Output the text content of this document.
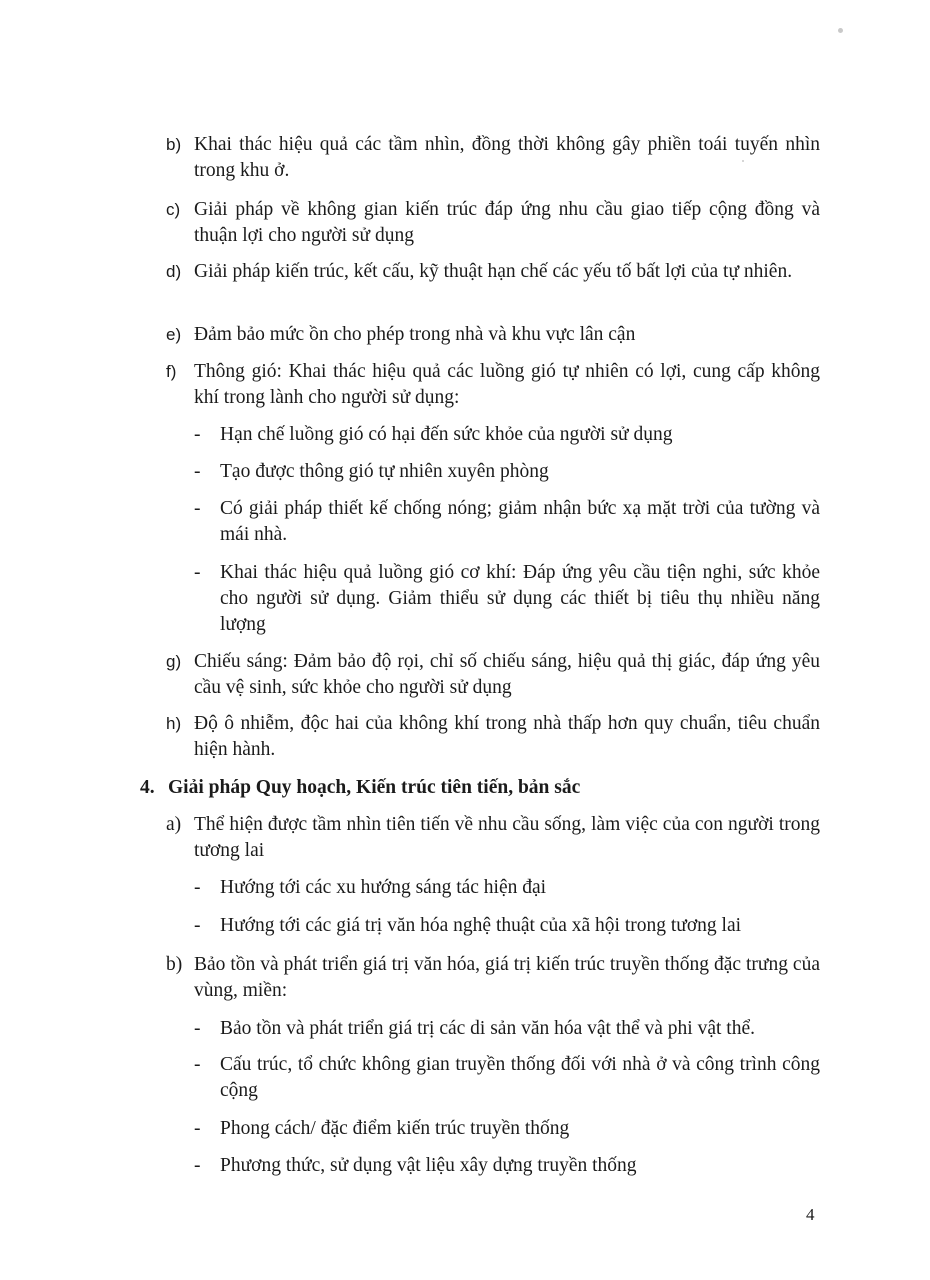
b) Khai thác hiệu quả các tầm nhìn, đồng thời không gây phiền toái tuyến nhìn trong khu ở.
c) Giải pháp về không gian kiến trúc đáp ứng nhu cầu giao tiếp cộng đồng và thuận lợi cho người sử dụng
d) Giải pháp kiến trúc, kết cấu, kỹ thuật hạn chế các yếu tố bất lợi của tự nhiên.
e) Đảm bảo mức ồn cho phép trong nhà và khu vực lân cận
f) Thông gió: Khai thác hiệu quả các luồng gió tự nhiên có lợi, cung cấp không khí trong lành cho người sử dụng:
- Hạn chế luồng gió có hại đến sức khỏe của người sử dụng
- Tạo được thông gió tự nhiên xuyên phòng
- Có giải pháp thiết kế chống nóng; giảm nhận bức xạ mặt trời của tường và mái nhà.
- Khai thác hiệu quả luồng gió cơ khí: Đáp ứng yêu cầu tiện nghi, sức khỏe cho người sử dụng. Giảm thiểu sử dụng các thiết bị tiêu thụ nhiều năng lượng
g) Chiếu sáng: Đảm bảo độ rọi, chỉ số chiếu sáng, hiệu quả thị giác, đáp ứng yêu cầu vệ sinh, sức khỏe cho người sử dụng
h) Độ ô nhiễm, độc hai của không khí trong nhà thấp hơn quy chuẩn, tiêu chuẩn hiện hành.
4. Giải pháp Quy hoạch, Kiến trúc tiên tiến, bản sắc
a) Thể hiện được tầm nhìn tiên tiến về nhu cầu sống, làm việc của con người trong tương lai
- Hướng tới các xu hướng sáng tác hiện đại
- Hướng tới các giá trị văn hóa nghệ thuật của xã hội trong tương lai
b) Bảo tồn và phát triển giá trị văn hóa, giá trị kiến trúc truyền thống đặc trưng của vùng, miền:
- Bảo tồn và phát triển giá trị các di sản văn hóa vật thể và phi vật thể.
- Cấu trúc, tổ chức không gian truyền thống đối với nhà ở và công trình công cộng
- Phong cách/ đặc điểm kiến trúc truyền thống
- Phương thức, sử dụng vật liệu xây dựng truyền thống
4
